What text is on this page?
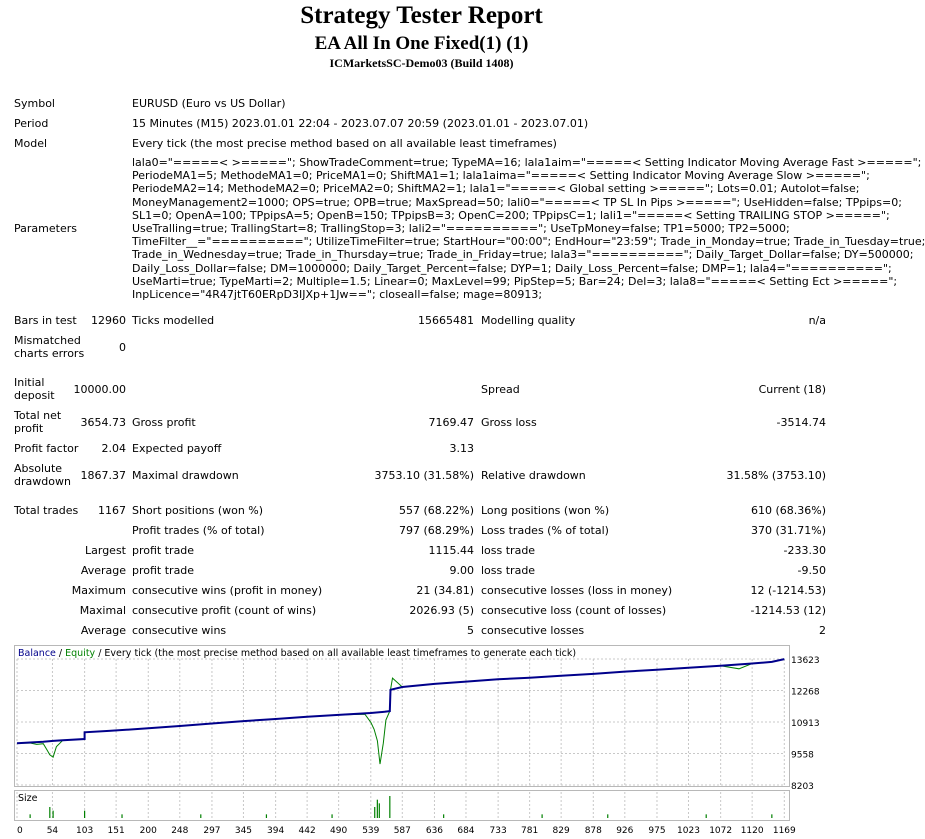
Strategy Tester Report
EA All In One Fixed(1) (1)
ICMarketsSC-Demo03 (Build 1408)
Symbol	EURUSD (Euro vs US Dollar)
Period	15 Minutes (M15) 2023.01.01 22:04 - 2023.07.07 20:59 (2023.01.01 - 2023.07.01)
Model	Every tick (the most precise method based on all available least timeframes)
Parameters
lala0="=====< >====="; ShowTradeComment=true; TypeMA=16; lala1aim="=====< Setting Indicator Moving Average Fast >=====";
PeriodeMA1=5; MethodeMA1=0; PriceMA1=0; ShiftMA1=1; lala1aima="=====< Setting Indicator Moving Average Slow >=====";
PeriodeMA2=14; MethodeMA2=0; PriceMA2=0; ShiftMA2=1; lala1="=====< Global setting >====="; Lots=0.01; Autolot=false;
MoneyManagement2=1000; OPS=true; OPB=true; MaxSpread=50; lali0="=====< TP SL In Pips >====="; UseHidden=false; TPpips=0;
SL1=0; OpenA=100; TPpipsA=5; OpenB=150; TPpipsB=3; OpenC=200; TPpipsC=1; lali1="=====< Setting TRAILING STOP >=====";
UseTralling=true; TrallingStart=8; TrallingStop=3; lali2="=========="; UseTpMoney=false; TP1=5000; TP2=5000;
TimeFilter__="=========="; UtilizeTimeFilter=true; StartHour="00:00"; EndHour="23:59"; Trade_in_Monday=true; Trade_in_Tuesday=true;
Trade_in_Wednesday=true; Trade_in_Thursday=true; Trade_in_Friday=true; lala3="=========="; Daily_Target_Dollar=false; DY=500000;
Daily_Loss_Dollar=false; DM=1000000; Daily_Target_Percent=false; DYP=1; Daily_Loss_Percent=false; DMP=1; lala4="==========";
UseMarti=true; TypeMarti=2; Multiple=1.5; Linear=0; MaxLevel=99; PipStep=5; Bar=24; Del=3; lala8="=====< Setting Ect >=====";
InpLicence="4R47jtT60ERpD3IJXp+1Jw=="; closeall=false; mage=80913;
Bars in test 12960 Ticks modelled	15665481 Modelling quality	n/a
Mismatched
charts errors	0
Initial
deposit 10000.00	Spread	Current (18)
Total net
profit	3654.73 Gross profit	7169.47 Gross loss	-3514.74
Profit factor 2.04 Expected payoff	3.13
Absolute
drawdown 1867.37 Maximal drawdown	3753.10 (31.58%) Relative drawdown	31.58% (3753.10)
Total trades 1167 Short positions (won %)	557 (68.22%) Long positions (won %)	610 (68.36%)
Profit trades (% of total)	797 (68.29%) Loss trades (% of total)	370 (31.71%)
Largest profit trade	1115.44 loss trade	-233.30
Average profit trade	9.00 loss trade	-9.50
Maximum consecutive wins (profit in money)	21 (34.81) consecutive losses (loss in money)	12 (-1214.53)
Maximal consecutive profit (count of wins)	2026.93 (5) consecutive loss (count of losses)	-1214.53 (12)
Average consecutive wins	5 consecutive losses	2
13623
12268
10913
9558
8203
0	54 103 151 200 248 297 345 394 442 490 539 587 636 684 733 781 829 878 926 975 1023 1072 1120 1169
Balance / Equity / Every tick (the most precise method based on all available least timeframes to generate each tick)
Size
